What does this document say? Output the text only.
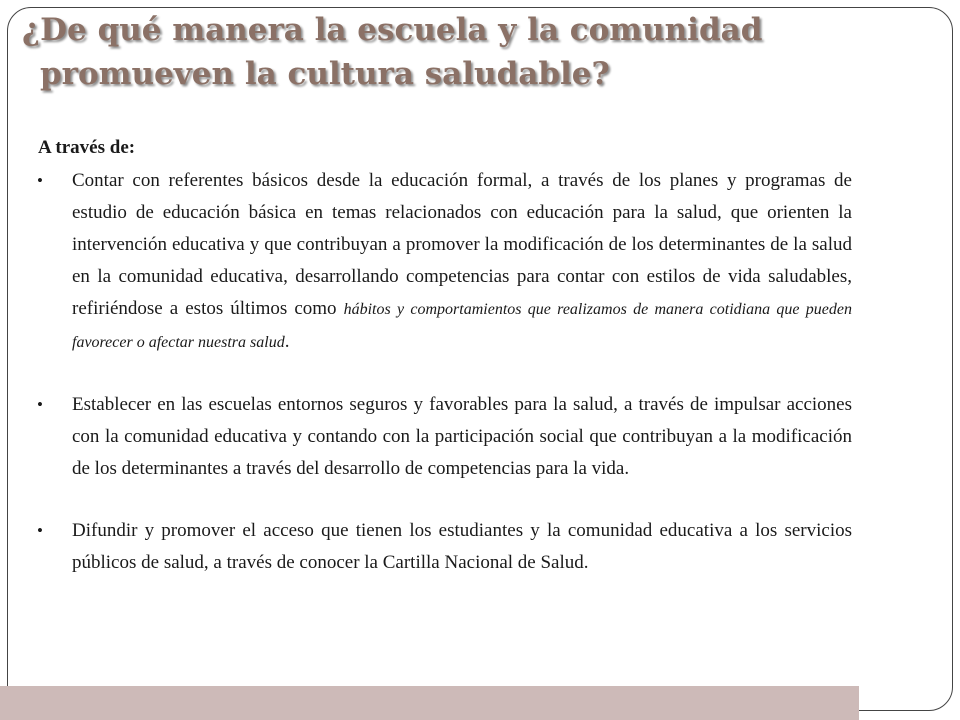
¿De qué manera la escuela y la comunidad
promueven la cultura saludable?

A través de:

• Contar con referentes básicos desde la educación formal, a través de los planes y programas de estudio de educación básica en temas relacionados con educación para la salud, que orienten la intervención educativa y que contribuyan a promover la modificación de los determinantes de la salud en la comunidad educativa, desarrollando competencias para contar con estilos de vida saludables, refiriéndose a estos últimos como hábitos y comportamientos que realizamos de manera cotidiana que pueden favorecer o afectar nuestra salud.
• Establecer en las escuelas entornos seguros y favorables para la salud, a través de impulsar acciones con la comunidad educativa y contando con la participación social que contribuyan a la modificación de los determinantes a través del desarrollo de competencias para la vida.
• Difundir y promover el acceso que tienen los estudiantes y la comunidad educativa a los servicios públicos de salud, a través de conocer la Cartilla Nacional de Salud.
